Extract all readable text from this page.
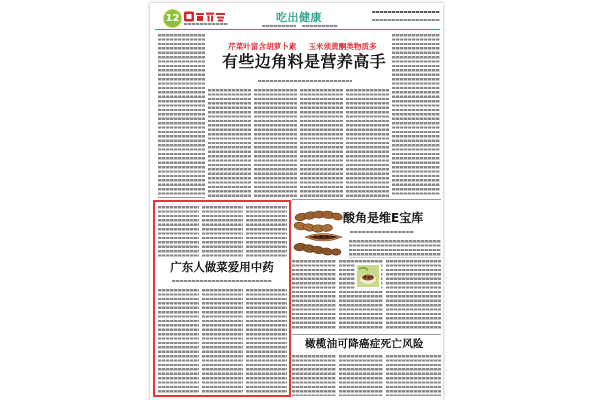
12	吃出健康
芹菜叶富含胡萝卜素 玉米须黄酮类物质多
有些边角料是营养高手
广东人做菜爱用中药
酸角是维E宝库
橄榄油可降癌症死亡风险
